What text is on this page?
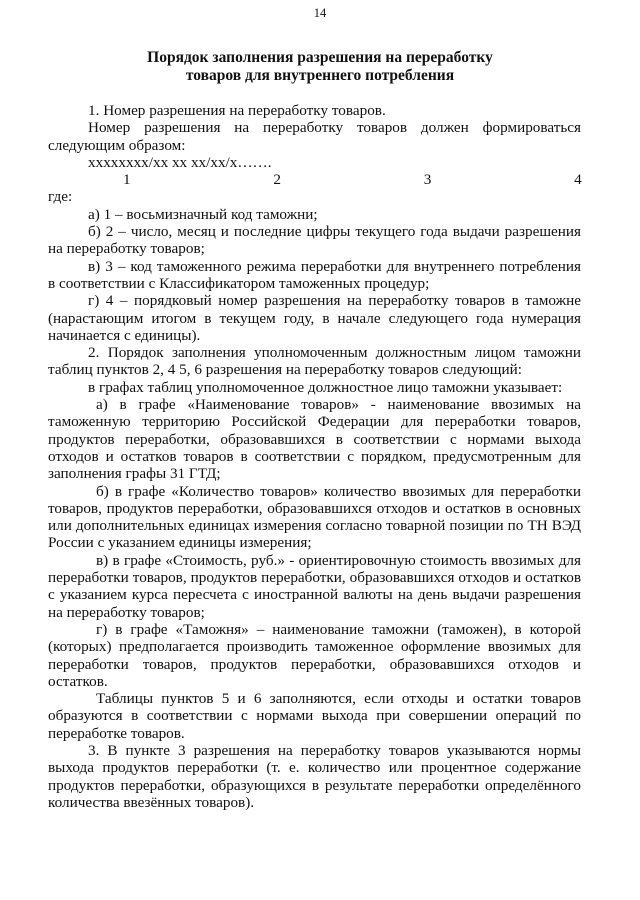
14
Порядок заполнения разрешения на переработку
товаров для внутреннего потребления

1. Номер разрешения на переработку товаров.

Номер разрешения на переработку товаров должен формироваться следующим образом:

хххххххх/хх хх хх/хх/х…….

1      2      3      4

где:

а) 1 – восьмизначный код таможни;

б) 2 – число, месяц и последние цифры текущего года выдачи разрешения на переработку товаров;

в) 3 – код таможенного режима переработки для внутреннего потребления в соответствии с Классификатором таможенных процедур;

г) 4 – порядковый номер разрешения на переработку товаров в таможне (нарастающим итогом в текущем году, в начале следующего года нумерация начинается с единицы).

2. Порядок заполнения уполномоченным должностным лицом таможни таблиц пунктов 2, 4 5, 6 разрешения на переработку товаров следующий:

в графах таблиц уполномоченное должностное лицо таможни указывает:

а) в графе «Наименование товаров» - наименование ввозимых на таможенную территорию Российской Федерации для переработки товаров, продуктов переработки, образовавшихся в соответствии с нормами выхода отходов и остатков товаров в соответствии с порядком, предусмотренным для заполнения графы 31 ГТД;

б) в графе «Количество товаров» количество ввозимых для переработки товаров, продуктов переработки, образовавшихся отходов и остатков в основных или дополнительных единицах измерения согласно товарной позиции по ТН ВЭД России с указанием единицы измерения;

в) в графе «Стоимость, руб.» - ориентировочную стоимость ввозимых для переработки товаров, продуктов переработки, образовавшихся отходов и остатков с указанием курса пересчета с иностранной валюты на день выдачи разрешения на переработку товаров;

г) в графе «Таможня» – наименование таможни (таможен), в которой (которых) предполагается производить таможенное оформление ввозимых для переработки товаров, продуктов переработки, образовавшихся отходов и остатков.

Таблицы пунктов 5 и 6 заполняются, если отходы и остатки товаров образуются в соответствии с нормами выхода при совершении операций по переработке товаров.

3. В пункте 3 разрешения на переработку товаров указываются нормы выхода продуктов переработки (т. е. количество или процентное содержание продуктов переработки, образующихся в результате переработки определённого количества ввезённых товаров).
